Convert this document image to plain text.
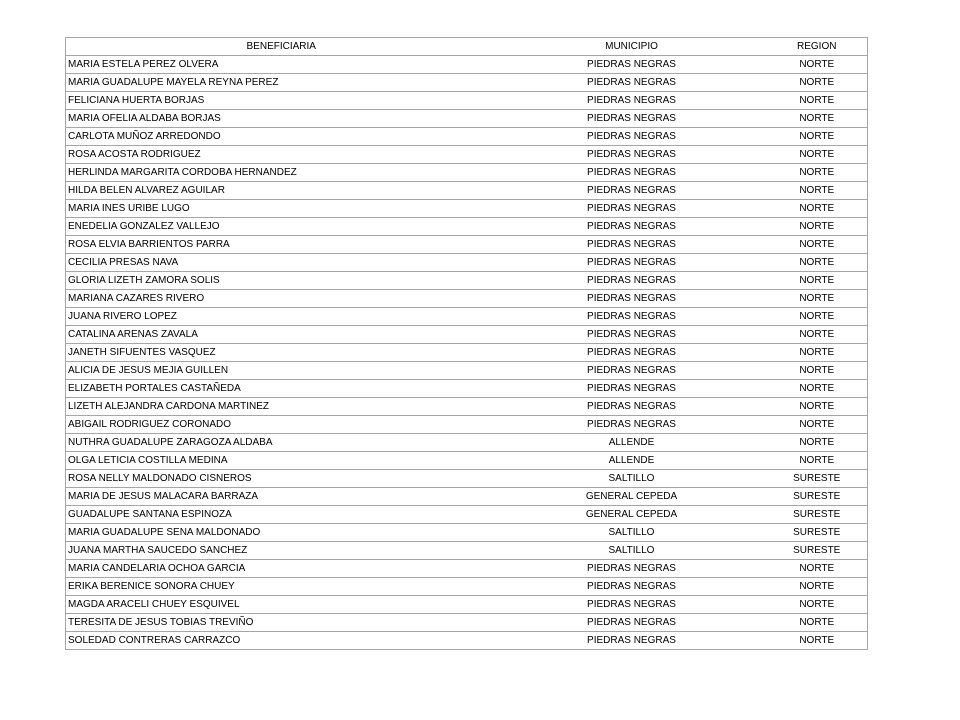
BENEFICIARIA	MUNICIPIO	REGION
MARIA ESTELA PEREZ OLVERA	PIEDRAS NEGRAS	NORTE
MARIA GUADALUPE MAYELA REYNA PEREZ	PIEDRAS NEGRAS	NORTE
FELICIANA HUERTA BORJAS	PIEDRAS NEGRAS	NORTE
MARIA OFELIA ALDABA BORJAS	PIEDRAS NEGRAS	NORTE
CARLOTA MUÑOZ ARREDONDO	PIEDRAS NEGRAS	NORTE
ROSA ACOSTA RODRIGUEZ	PIEDRAS NEGRAS	NORTE
HERLINDA MARGARITA CORDOBA HERNANDEZ	PIEDRAS NEGRAS	NORTE
HILDA BELEN ALVAREZ AGUILAR	PIEDRAS NEGRAS	NORTE
MARIA INES URIBE LUGO	PIEDRAS NEGRAS	NORTE
ENEDELIA GONZALEZ VALLEJO	PIEDRAS NEGRAS	NORTE
ROSA ELVIA BARRIENTOS PARRA	PIEDRAS NEGRAS	NORTE
CECILIA PRESAS NAVA	PIEDRAS NEGRAS	NORTE
GLORIA LIZETH ZAMORA SOLIS	PIEDRAS NEGRAS	NORTE
MARIANA CAZARES RIVERO	PIEDRAS NEGRAS	NORTE
JUANA RIVERO LOPEZ	PIEDRAS NEGRAS	NORTE
CATALINA ARENAS ZAVALA	PIEDRAS NEGRAS	NORTE
JANETH SIFUENTES VASQUEZ	PIEDRAS NEGRAS	NORTE
ALICIA DE JESUS MEJIA GUILLEN	PIEDRAS NEGRAS	NORTE
ELIZABETH PORTALES CASTAÑEDA	PIEDRAS NEGRAS	NORTE
LIZETH ALEJANDRA CARDONA MARTINEZ	PIEDRAS NEGRAS	NORTE
ABIGAIL RODRIGUEZ CORONADO	PIEDRAS NEGRAS	NORTE
NUTHRA GUADALUPE ZARAGOZA ALDABA	ALLENDE	NORTE
OLGA LETICIA COSTILLA MEDINA	ALLENDE	NORTE
ROSA NELLY MALDONADO CISNEROS	SALTILLO	SURESTE
MARIA DE JESUS MALACARA BARRAZA	GENERAL CEPEDA	SURESTE
GUADALUPE SANTANA ESPINOZA	GENERAL CEPEDA	SURESTE
MARIA GUADALUPE SENA MALDONADO	SALTILLO	SURESTE
JUANA MARTHA SAUCEDO SANCHEZ	SALTILLO	SURESTE
MARIA CANDELARIA OCHOA GARCIA	PIEDRAS NEGRAS	NORTE
ERIKA BERENICE SONORA CHUEY	PIEDRAS NEGRAS	NORTE
MAGDA ARACELI CHUEY ESQUIVEL	PIEDRAS NEGRAS	NORTE
TERESITA DE JESUS TOBIAS TREVIÑO	PIEDRAS NEGRAS	NORTE
SOLEDAD CONTRERAS CARRAZCO	PIEDRAS NEGRAS	NORTE
